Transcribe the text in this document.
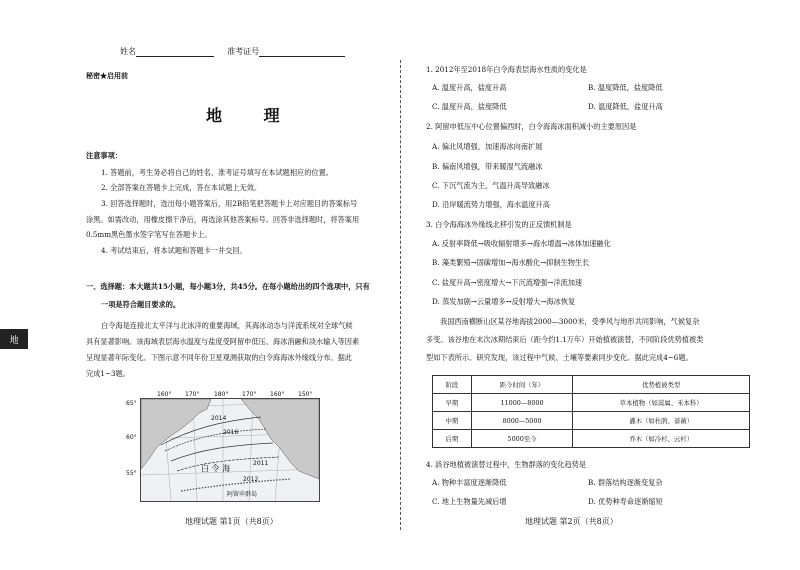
姓名	准考证号
秘密★启用前
地 理
注意事项：
1. 答题前，考生务必将自己的姓名、准考证号填写在本试题相应的位置。
2. 全部答案在答题卡上完成，答在本试题上无效。
3. 回答选择题时，选出每小题答案后，用2B铅笔把答题卡上对应题目的答案标号
涂黑。如需改动，用橡皮擦干净后，再选涂其他答案标号。回答非选择题时，将答案用
0.5mm黑色墨水签字笔写在答题卡上。
4. 考试结束后，将本试题和答题卡一并交回。
一、选择题：本大题共15小题，每小题3分，共45分。在每小题给出的四个选项中，只有
一项是符合题目要求的。
白令海是连接北太平洋与北冰洋的重要海域，其海冰动态与洋流系统对全球气候
具有显著影响。该海域表层海水温度与盐度受阿留申低压、海冰消融和淡水输入等因素
呈现显著年际变化。下图示意不同年份卫星观测获取的白令海海冰外缘线分布。据此
完成1~3题。
2014
2016
2011
2012
白 令 海
阿留申群岛
160° 170° 180° 170° 160° 150°
65°
60°
55°
地理试题 第1页（共8页）
地
1. 2012年至2018年白令海表层海水性质的变化是
A. 温度升高，盐度升高	B. 温度降低，盐度降低
C. 温度升高，盐度降低	D. 温度降低，盐度升高
2. 阿留申低压中心位置偏西时，白令海海冰面积减小的主要原因是
A. 偏北风增强，加速海冰向南扩展
B. 偏南风增强，带来暖湿气流融冰
C. 下沉气流为主，气温升高导致融冰
D. 沿岸暖流势力增强，海水温度升高
3. 白令海海冰外缘线北移引发的正反馈机制是
A. 反射率降低→吸收辐射增多→海水增温→冰体加速融化
B. 藻类繁殖→固碳增加→海水酸化→抑制生物生长
C. 盐度升高→密度增大→下沉流增强→洋流加速
D. 蒸发加剧→云量增多→反射增大→海冰恢复
我国西南横断山区某谷地海拔2000—3000米，受季风与地形共同影响，气候复杂
多变。该谷地在末次冰期结束后（距今约1.1万年）开始植被演替，不同阶段优势植被类
型如下表所示。研究发现，该过程中气候、土壤等要素同步变化。据此完成4~6题。
阶段	距今时间（年）	优势植被类型
早期	11000—8000	草本植物（如蒿属、禾本科）
中期	8000—5000	灌木（如杜鹃、蔷薇）
后期	5000至今	乔木（如冷杉、云杉）
4. 該谷地植被演替过程中，生物群落的变化趋势是
A. 物种丰富度逐渐降低	B. 群落结构逐渐变复杂
C. 地上生物量先减后增	D. 优势种寿命逐渐缩短
地理试题 第2页（共8页）
